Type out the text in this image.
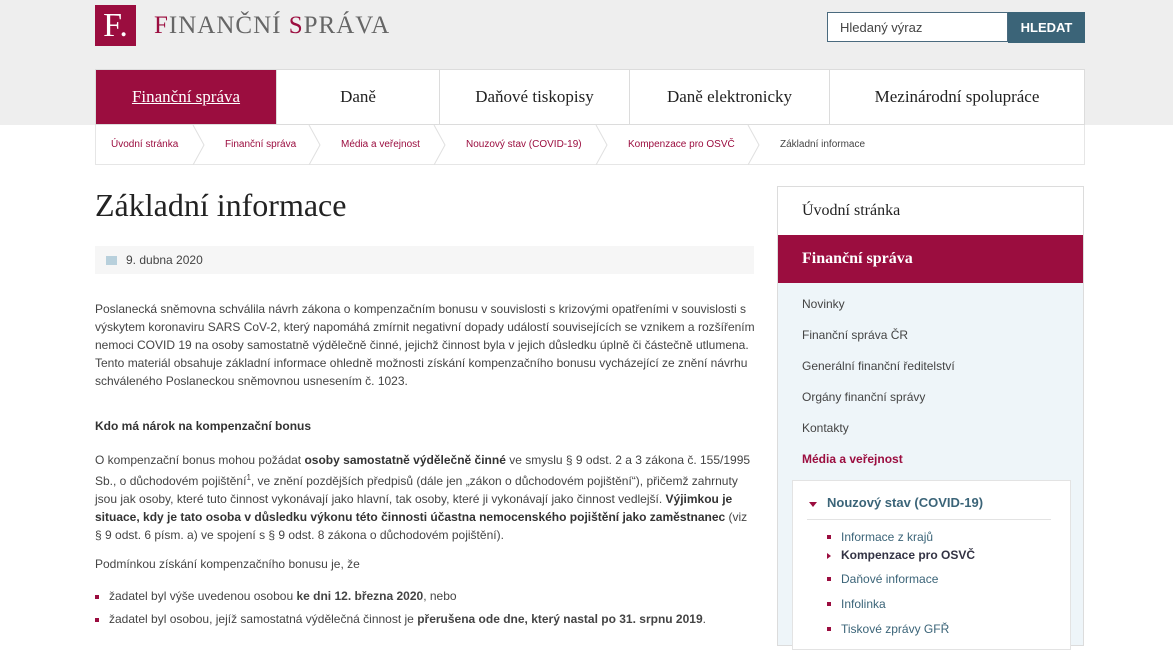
F.	FINANČNÍ SPRÁVA
Hledaný výraz	HLEDAT
Finanční správa	Daně	Daňové tiskopisy	Daně elektronicky	Mezinárodní spolupráce
Úvodní stránka	Finanční správa	Média a veřejnost	Nouzový stav (COVID-19)	Kompenzace pro OSVČ	Základní informace
Základní informace
9. dubna 2020

Poslanecká sněmovna schválila návrh zákona o kompenzačním bonusu v souvislosti s krizovými opatřeními v souvislosti s výskytem koronaviru SARS CoV-2, který napomáhá zmírnit negativní dopady událostí souvisejících se vznikem a rozšířením nemoci COVID 19 na osoby samostatně výdělečně činné, jejichž činnost byla v jejich důsledku úplně či částečně utlumena. Tento materiál obsahuje základní informace ohledně možnosti získání kompenzačního bonusu vycházející ze znění návrhu schváleného Poslaneckou sněmovnou usnesením č. 1023.

Kdo má nárok na kompenzační bonus

O kompenzační bonus mohou požádat osoby samostatně výdělečně činné ve smyslu § 9 odst. 2 a 3 zákona č. 155/1995 Sb., o důchodovém pojištění$^1$, ve znění pozdějších předpisů (dále jen „zákon o důchodovém pojištění“), přičemž zahrnuty jsou jak osoby, které tuto činnost vykonávají jako hlavní, tak osoby, které ji vykonávají jako činnost vedlejší. Výjimkou je situace, kdy je tato osoba v důsledku výkonu této činnosti účastna nemocenského pojištění jako zaměstnanec (viz § 9 odst. 6 písm. a) ve spojení s § 9 odst. 8 zákona o důchodovém pojištění).

Podmínkou získání kompenzačního bonusu je, že

žadatel byl výše uvedenou osobou ke dni 12. března 2020, nebo
žadatel byl osobou, jejíž samostatná výdělečná činnost je přerušena ode dne, který nastal po 31. srpnu 2019.
Úvodní stránka
Finanční správa
Novinky
Finanční správa ČR
Generální finanční ředitelství
Orgány finanční správy
Kontakty
Média a veřejnost
Nouzový stav (COVID-19)
Informace z krajů
Kompenzace pro OSVČ
Daňové informace
Infolinka
Tiskové zprávy GFŘ
